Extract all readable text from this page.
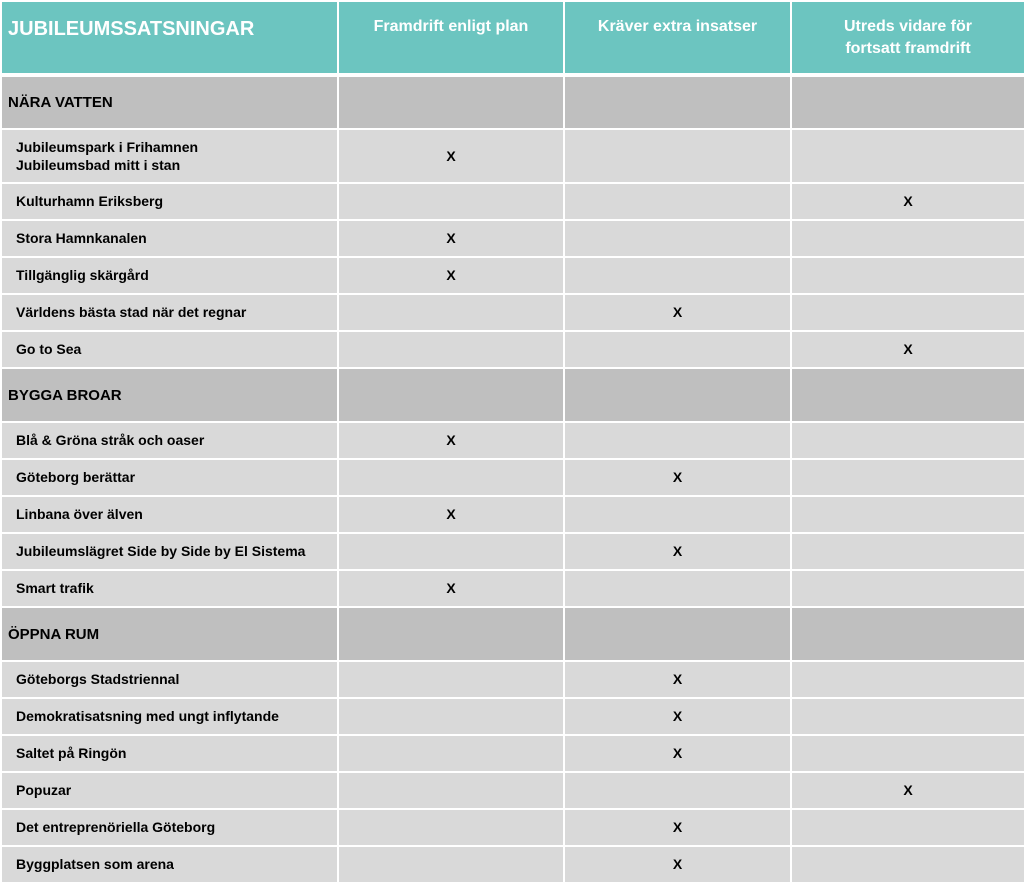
JUBILEUMSSATSNINGAR	Framdrift enligt plan	Kräver extra insatser	Utreds vidare för
fortsatt framdrift

NÄRA VATTEN			

Jubileumspark i Frihamnen
Jubileumsbad mitt i stan	X		

Kulturhamn Eriksberg			X

Stora Hamnkanalen	X		

Tillgänglig skärgård	X		

Världens bästa stad när det regnar		X	

Go to Sea			X
BYGGA BROAR			

Blå & Gröna stråk och oaser	X		

Göteborg berättar		X	

Linbana över älven	X		

Jubileumslägret Side by Side by El Sistema		X	

Smart trafik	X		
ÖPPNA RUM			

Göteborgs Stadstriennal		X	

Demokratisatsning med ungt inflytande		X	

Saltet på Ringön		X	

Popuzar			X

Det entreprenöriella Göteborg		X	

Byggplatsen som arena		X	
